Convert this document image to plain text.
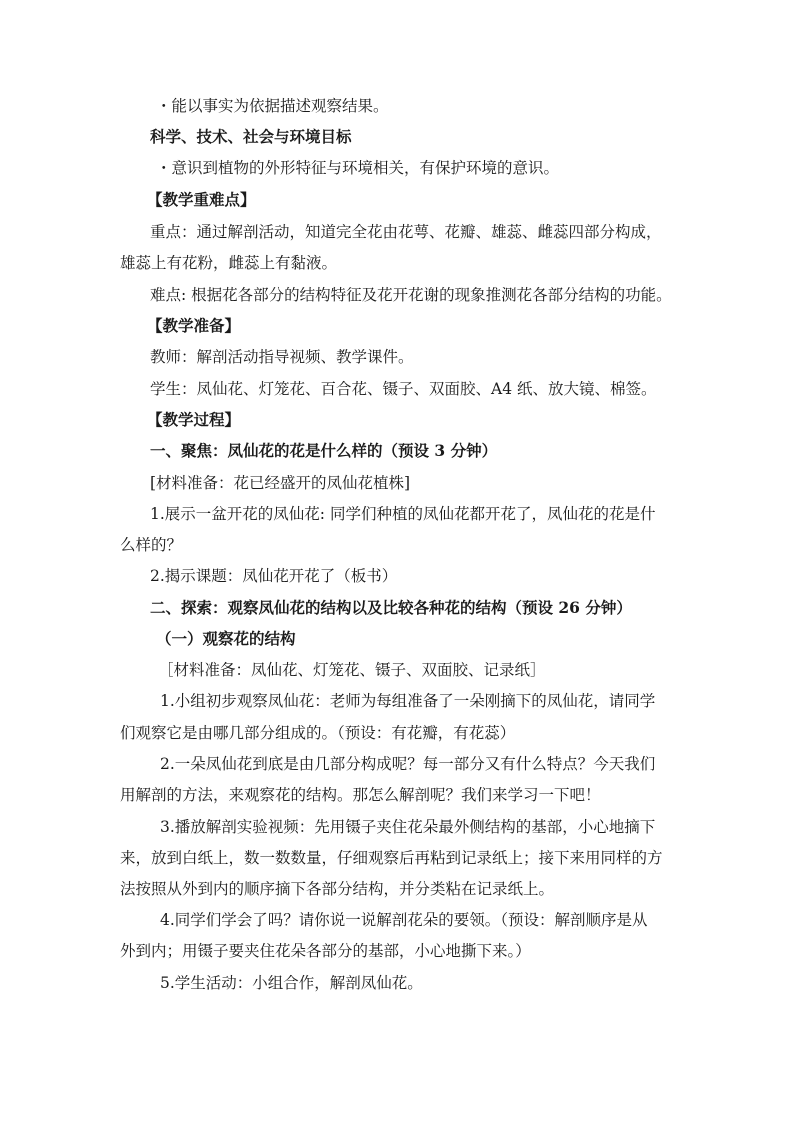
・能以事实为依据描述观察结果。

科学、技术、社会与环境目标

・意识到植物的外形特征与环境相关，有保护环境的意识。

【教学重难点】

重点：通过解剖活动，知道完全花由花萼、花瓣、雄蕊、雌蕊四部分构成，

雄蕊上有花粉，雌蕊上有黏液。

难点: 根据花各部分的结构特征及花开花谢的现象推测花各部分结构的功能。

【教学准备】

教师：解剖活动指导视频、教学课件。

学生：凤仙花、灯笼花、百合花、镊子、双面胶、A4 纸、放大镜、棉签。

【教学过程】

一、聚焦：凤仙花的花是什么样的（预设 3 分钟）

[材料准备：花已经盛开的凤仙花植株]

1.展示一盆开花的凤仙花: 同学们种植的凤仙花都开花了，凤仙花的花是什

么样的？

2.揭示课题：凤仙花开花了（板书）

二、探索：观察凤仙花的结构以及比较各种花的结构（预设 26 分钟）

（一）观察花的结构

［材料准备：凤仙花、灯笼花、镊子、双面胶、记录纸］

1.小组初步观察凤仙花：老师为每组准备了一朵刚摘下的凤仙花，请同学

们观察它是由哪几部分组成的。（预设：有花瓣，有花蕊）

2.一朵凤仙花到底是由几部分构成呢？每一部分又有什么特点？今天我们

用解剖的方法，来观察花的结构。那怎么解剖呢？我们来学习一下吧！

3.播放解剖实验视频：先用镊子夹住花朵最外侧结构的基部，小心地摘下

来，放到白纸上，数一数数量，仔细观察后再粘到记录纸上；接下来用同样的方

法按照从外到内的顺序摘下各部分结构，并分类粘在记录纸上。

4.同学们学会了吗？请你说一说解剖花朵的要领。（预设：解剖顺序是从

外到内；用镊子要夹住花朵各部分的基部，小心地撕下来。）

5.学生活动：小组合作，解剖凤仙花。
